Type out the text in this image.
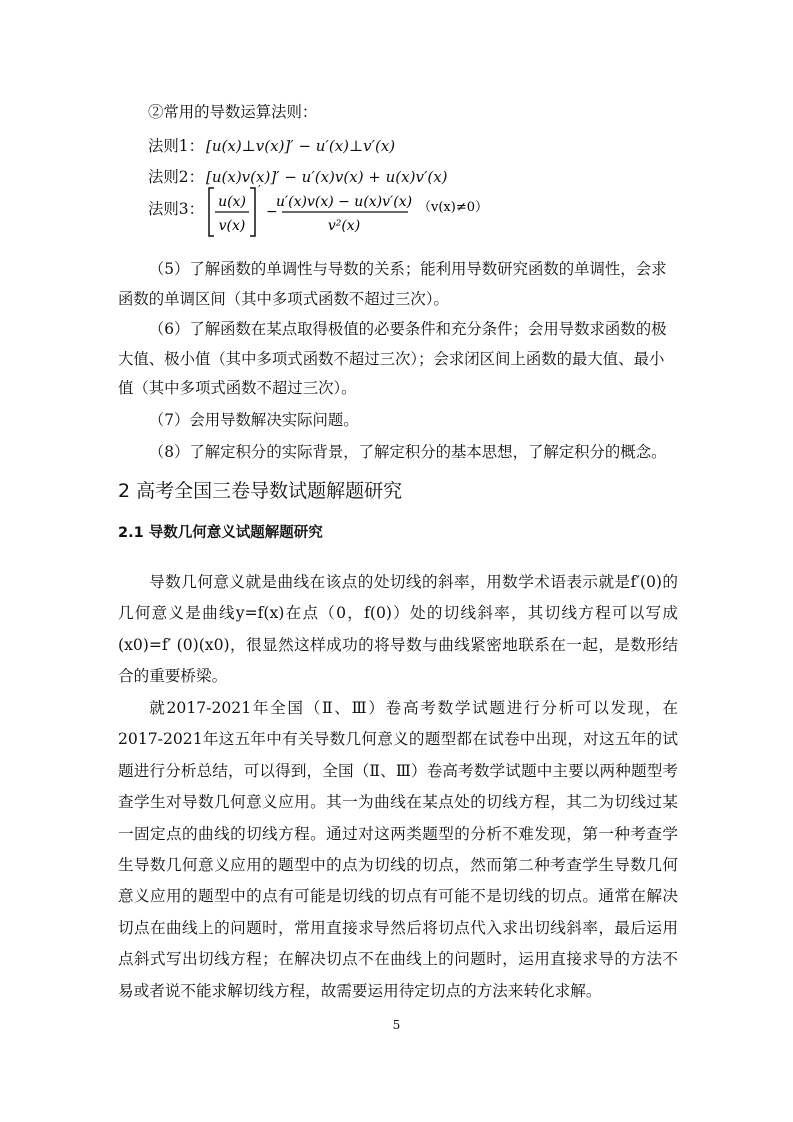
②常用的导数运算法则：
法则1： [u(x)⊥v(x)]′ − u′(x)⊥v′(x)
法则2： [u(x)v(x)]′ − u′(x)v(x) + u(x)v′(x)
法则3： u(x)
v(x)
′
−
u′(x)v(x) − u(x)v′(x)
v²(x)
（v(x)≠0）

（5）了解函数的单调性与导数的关系；能利用导数研究函数的单调性，会求函数的单调区间（其中多项式函数不超过三次）。

（6）了解函数在某点取得极值的必要条件和充分条件；会用导数求函数的极大值、极小值（其中多项式函数不超过三次）；会求闭区间上函数的最大值、最小值（其中多项式函数不超过三次）。

（7）会用导数解决实际问题。

（8）了解定积分的实际背景，了解定积分的基本思想，了解定积分的概念。

2 高考全国三卷导数试题解题研究
2.1 导数几何意义试题解题研究

导数几何意义就是曲线在该点的处切线的斜率，用数学术语表示就是f′(0)的几何意义是曲线y=f(x)在点（0，f(0)）处的切线斜率，其切线方程可以写成(x0)=f′ (0)(x0)，很显然这样成功的将导数与曲线紧密地联系在一起，是数形结合的重要桥梁。

就2017-2021年全国（Ⅱ、Ⅲ）卷高考数学试题进行分析可以发现，在2017-2021年这五年中有关导数几何意义的题型都在试卷中出现，对这五年的试题进行分析总结，可以得到，全国（Ⅱ、Ⅲ）卷高考数学试题中主要以两种题型考查学生对导数几何意义应用。其一为曲线在某点处的切线方程，其二为切线过某一固定点的曲线的切线方程。通过对这两类题型的分析不难发现，第一种考查学生导数几何意义应用的题型中的点为切线的切点，然而第二种考查学生导数几何意义应用的题型中的点有可能是切线的切点有可能不是切线的切点。通常在解决切点在曲线上的问题时，常用直接求导然后将切点代入求出切线斜率，最后运用点斜式写出切线方程；在解决切点不在曲线上的问题时，运用直接求导的方法不易或者说不能求解切线方程，故需要运用待定切点的方法来转化求解。

5
